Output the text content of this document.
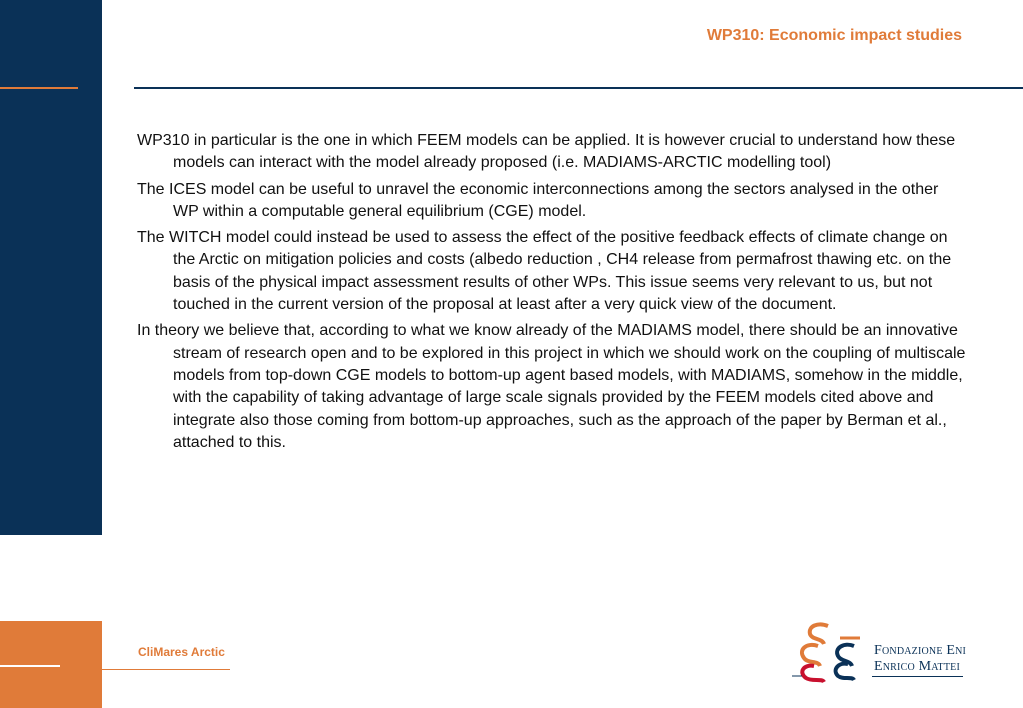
WP310: Economic impact studies

WP310 in particular is the one in which FEEM models can be applied. It is however crucial to understand how these models can interact with the model already proposed (i.e. MADIAMS-ARCTIC modelling tool)

The ICES model can be useful to unravel the economic interconnections among the sectors analysed in the other WP within a computable general equilibrium (CGE) model.

The WITCH model could instead be used to assess the effect of the positive feedback effects of climate change on the Arctic on mitigation policies and costs (albedo reduction , CH4 release from permafrost thawing etc. on the basis of the physical impact assessment results of other WPs. This issue seems very relevant to us, but not touched in the current version of the proposal at least after a very quick view of the document.

In theory we believe that, according to what we know already of the MADIAMS model, there should be an innovative stream of research open and to be explored in this project in which we should work on the coupling of multiscale models from top-down CGE models to bottom-up agent based models, with MADIAMS, somehow in the middle, with the capability of taking advantage of large scale signals provided by the FEEM models cited above and integrate also those coming from bottom-up approaches, such as the approach of the paper by Berman et al., attached to this.

CliMares Arctic	Fondazione Eni
Enrico Mattei
